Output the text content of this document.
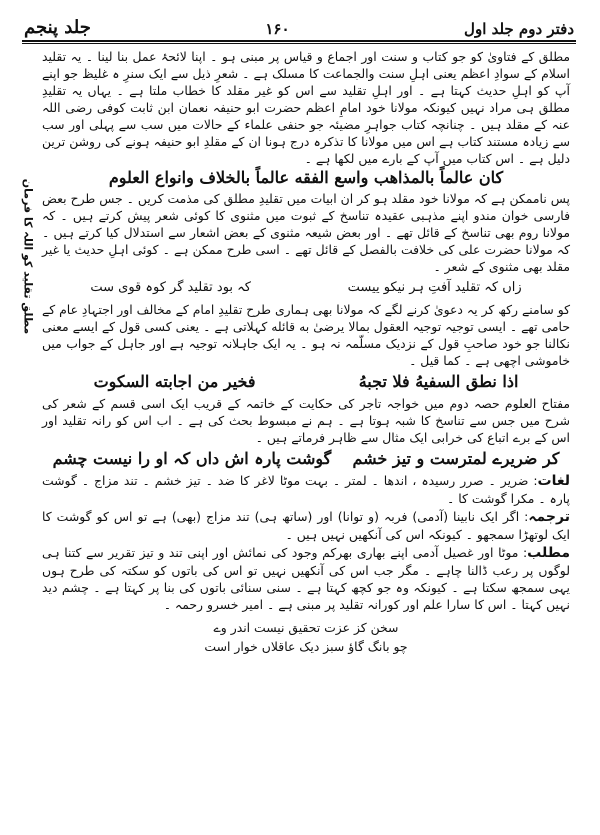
جلد پنجم	۱۶۰	دفتر دوم جلد اول
مطلق تقلید کو اللہ کا فرمان

مطلق کے فتاویٰ کو جو کتاب و سنت اور اجماع و قیاس پر مبنی ہو ۔ اپنا لائحۂ عمل بنا لینا ۔ یہ تقلید اسلام کے سوادِ اعظم یعنی اہلِ سنت والجماعت کا مسلک ہے ۔ شعرِ ذیل سے ایک سنرِ ہ غلیظ جو اپنے آپ کو اہلِ حدیث کہتا ہے ۔ اور اہلِ تقلید سے اس کو غیر مقلد کا خطاب ملتا ہے ۔ یہاں یہ تقلیدِ مطلق ہی مراد نہیں کیونکہ مولانا خود امامِ اعظم حضرت ابو حنیفہ نعمان ابن ثابت کوفی رضی اللہ عنہ کے مقلد ہیں ۔ چنانچہ کتاب جواہرِ مضیئہ جو حنفی علماء کے حالات میں سب سے پہلی اور سب سے زیادہ مستند کتاب ہے اس میں مولانا کا تذکرہ درج ہونا ان کے مقلدِ ابو حنیفہ ہونے کی روشن ترین دلیل ہے ۔ اس کتاب میں آپ کے بارے میں لکھا ہے ۔

کان عالماً بالمذاھب واسع الفقه عالماً بالخلاف وانواع العلوم

پس ناممکن ہے کہ مولانا خود مقلد ہو کر ان ابیات میں تقلیدِ مطلق کی مذمت کریں ۔ جس طرح بعض فارسی خوان مندو اپنے مذہبی عقیدہ تناسخ کے ثبوت میں مثنوی کا کوئی شعر پیش کرتے ہیں ۔ کہ مولانا روم بھی تناسخ کے قائل تھے ۔ اور بعض شیعہ مثنوی کے بعض اشعار سے استدلال کیا کرتے ہیں ۔ کہ مولانا حضرت علی کی خلافت بالفصل کے قائل تھے ۔ اسی طرح ممکن ہے ۔ کوئی اہلِ حدیث یا غیر مقلد بھی مثنوی کے شعر ۔

زاں کہ تقلید آفتِ ہر نیکو ییست
کہ بود تقلید گر کوہ قوی ست

کو سامنے رکھ کر یہ دعویٰ کرنے لگے کہ مولانا بھی ہماری طرح تقلیدِ امام کے مخالف اور اجتہادِ عام کے حامی تھے ۔ ایسی توجیہ توجیہ العقول بمالا یرضیٰ به قائله کہلاتی ہے ۔ یعنی کسی قول کے ایسے معنی نکالنا جو خود صاحبِ قول کے نزدیک مسلّمہ نہ ہو ۔ یہ ایک جاہلانہ توجیہ ہے اور جاہل کے جواب میں خاموشی اچھی ہے ۔ کما قیل ۔

اذا نطق السفیهُ فلا تجبهُ
فخیر من اجابته السکوت

مفتاح العلوم حصہ دوم میں خواجہ تاجر کی حکایت کے خاتمہ کے قریب ایک اسی قسم کے شعر کی شرح میں جس سے تناسخ کا شبہ ہوتا ہے ۔ ہم نے مبسوط بحث کی ہے ۔ اب اس کو رانہ تقلید اور اس کے برے اتباع کی خرابی ایک مثال سے ظاہر فرماتے ہیں ۔

کر ضریرے لمترست و تیز خشم
گوشت پارہ اش داں کہ او را نیست چشم

لغات: ضریر ۔ صرر رسیدہ ، اندھا ۔ لمتر ۔ بہت موٹا لاغر کا ضد ۔ تیز خشم ۔ تند مزاج ۔ گوشت پارہ ۔ مکرا گوشت کا ۔

ترجمہ: اگر ایک نابینا (آدمی) فربہ (و توانا) اور (ساتھ ہی) تند مزاج (بھی) ہے تو اس کو گوشت کا ایک لوتھڑا سمجھو ۔ کیونکہ اس کی آنکھیں نہیں ہیں ۔

مطلب: موٹا اور غصیل آدمی اپنے بھاری بھرکم وجود کی نمائش اور اپنی تند و تیز تقریر سے کتنا ہی لوگوں پر رعب ڈالنا چاہے ۔ مگر جب اس کی آنکھیں نہیں تو اس کی باتوں کو سکتہ کی طرح ہوں یہی سمجھ سکتا ہے ۔ کیونکہ وہ جو کچھ کہتا ہے ۔ سنی سنائی باتوں کی بنا پر کہتا ہے ۔ چشم دید نہیں کہتا ۔ اس کا سارا علم اور کورانہ تقلید پر مبنی ہے ۔ امیر خسرو رحمہ ۔

سخن کز عزت تحقیق نیست اندر وے
چو بانگ گاؤ سبز دیک عاقلاں خوار است
